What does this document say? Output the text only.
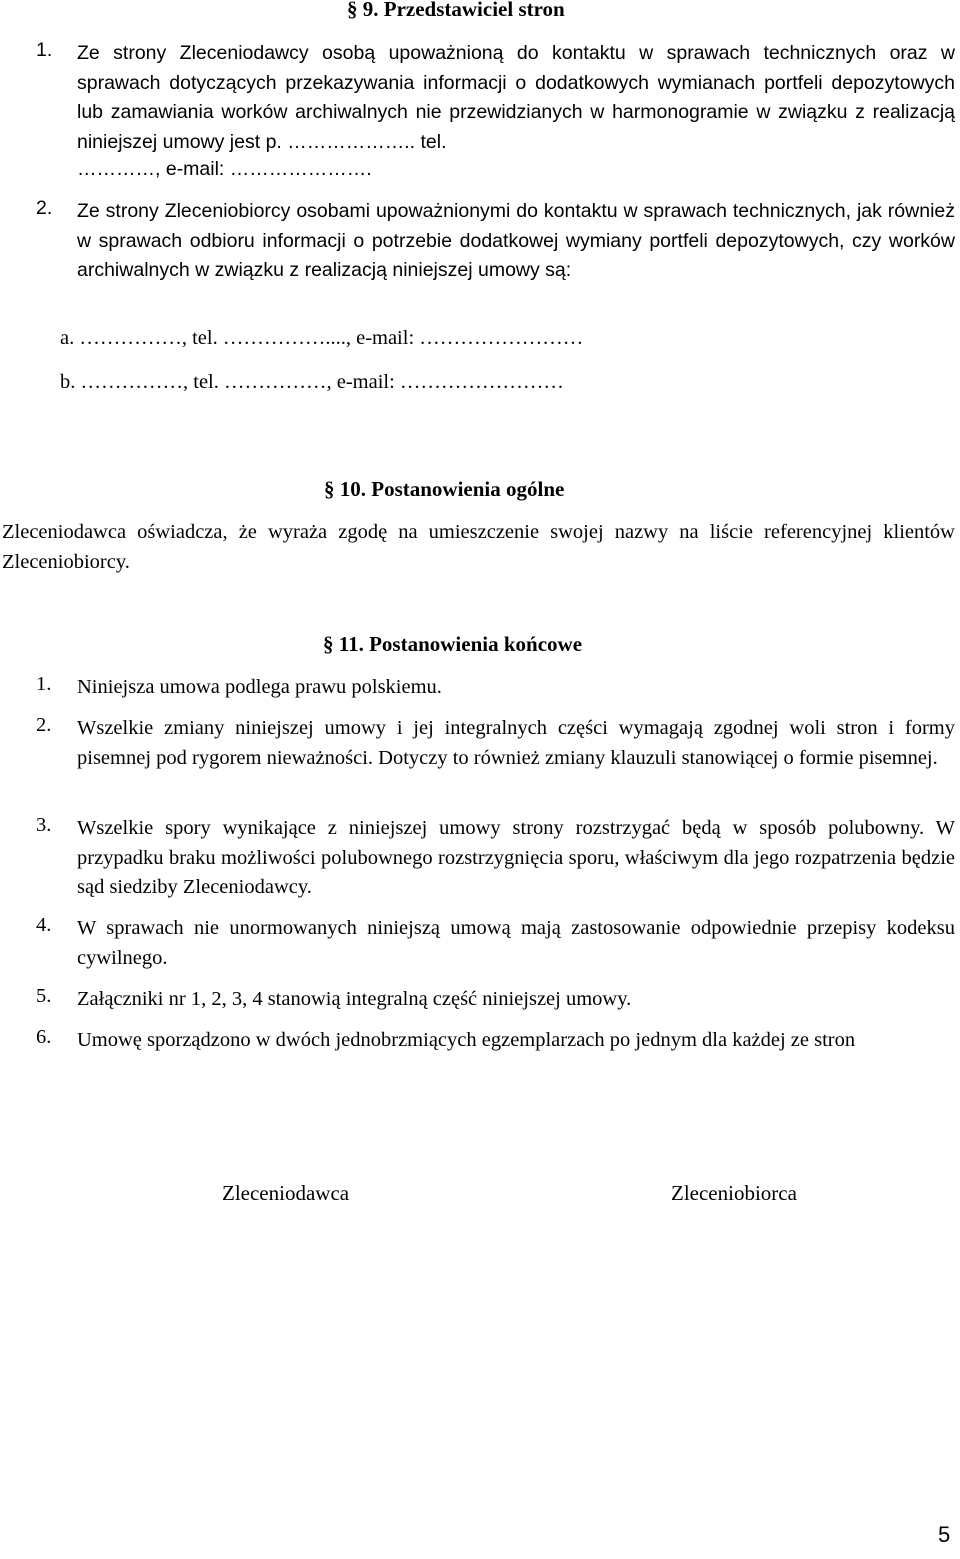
§ 9. Przedstawiciel stron
1. Ze strony Zleceniodawcy osobą upoważnioną do kontaktu w sprawach technicznych oraz w sprawach dotyczących przekazywania informacji o dodatkowych wymianach portfeli depozytowych lub zamawiania worków archiwalnych nie przewidzianych w harmonogramie w związku z realizacją niniejszej umowy jest p. ……………….. tel.
…………, e-mail: ………………….
2. Ze strony Zleceniobiorcy osobami upoważnionymi do kontaktu w sprawach technicznych, jak również w sprawach odbioru informacji o potrzebie dodatkowej wymiany portfeli depozytowych, czy worków archiwalnych w związku z realizacją niniejszej umowy są:
a. ……………, tel. ……………...., e-mail: ……………………
b. ……………, tel. ……………, e-mail: ……………………
§ 10. Postanowienia ogólne
Zleceniodawca oświadcza, że wyraża zgodę na umieszczenie swojej nazwy na liście referencyjnej klientów Zleceniobiorcy.
§ 11. Postanowienia końcowe
1. Niniejsza umowa podlega prawu polskiemu.
2. Wszelkie zmiany niniejszej umowy i jej integralnych części wymagają zgodnej woli stron i formy pisemnej pod rygorem nieważności. Dotyczy to również zmiany klauzuli stanowiącej o formie pisemnej.
3. Wszelkie spory wynikające z niniejszej umowy strony rozstrzygać będą w sposób polubowny. W przypadku braku możliwości polubownego rozstrzygnięcia sporu, właściwym dla jego rozpatrzenia będzie sąd siedziby Zleceniodawcy.
4. W sprawach nie unormowanych niniejszą umową mają zastosowanie odpowiednie przepisy kodeksu cywilnego.
5. Załączniki nr 1, 2, 3, 4 stanowią integralną część niniejszej umowy.
6. Umowę sporządzono w dwóch jednobrzmiących egzemplarzach po jednym dla każdej ze stron
Zleceniodawca	Zleceniobiorca
5
